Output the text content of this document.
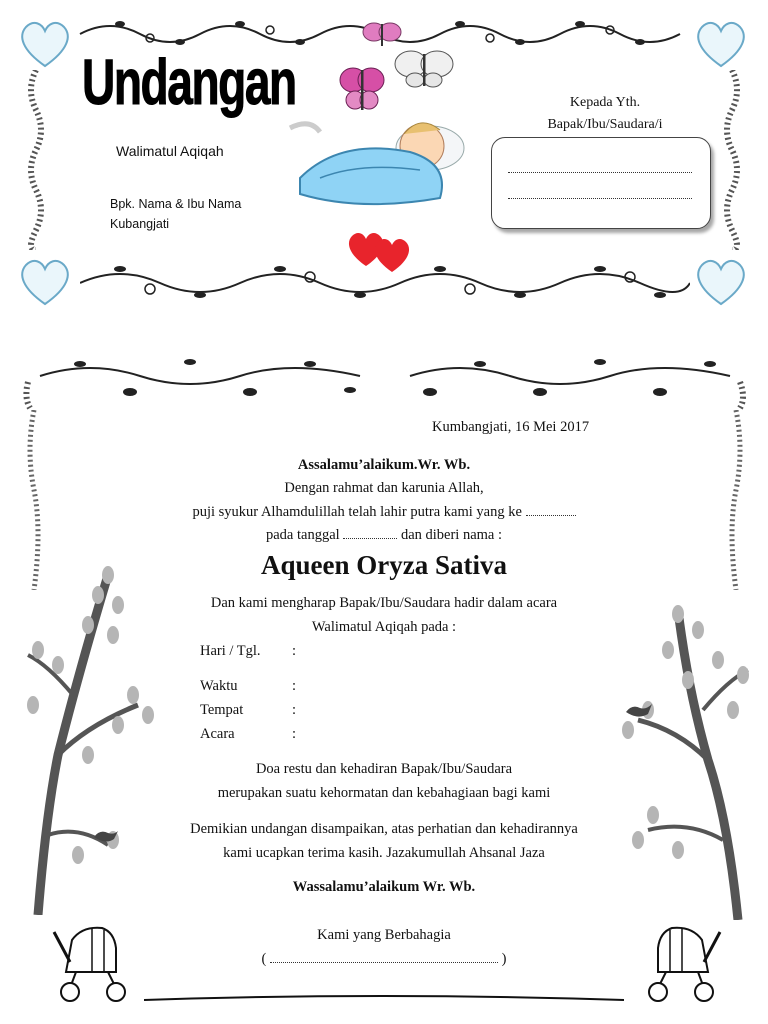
Undangan
Walimatul Aqiqah
Bpk. Nama & Ibu Nama
Kubangjati
Kepada Yth.
Bapak/Ibu/Saudara/i
Kumbangjati, 16 Mei 2017
Assalamu’alaikum.Wr. Wb.
Dengan rahmat dan karunia Allah,
puji syukur Alhamdulillah telah lahir putra kami yang ke
pada tanggal	dan diberi nama :
Aqueen Oryza Sativa
Dan kami mengharap Bapak/Ibu/Saudara hadir dalam acara
Walimatul Aqiqah pada :
Hari / Tgl. :
Waktu	:
Tempat	:
Acara	:
Doa restu dan kehadiran Bapak/Ibu/Saudara
merupakan suatu kehormatan dan kebahagiaan bagi kami
Demikian undangan disampaikan, atas perhatian dan kehadirannya
kami ucapkan terima kasih. Jazakumullah Ahsanal Jaza
Wassalamu’alaikum Wr. Wb.
Kami yang Berbahagia
(	)
